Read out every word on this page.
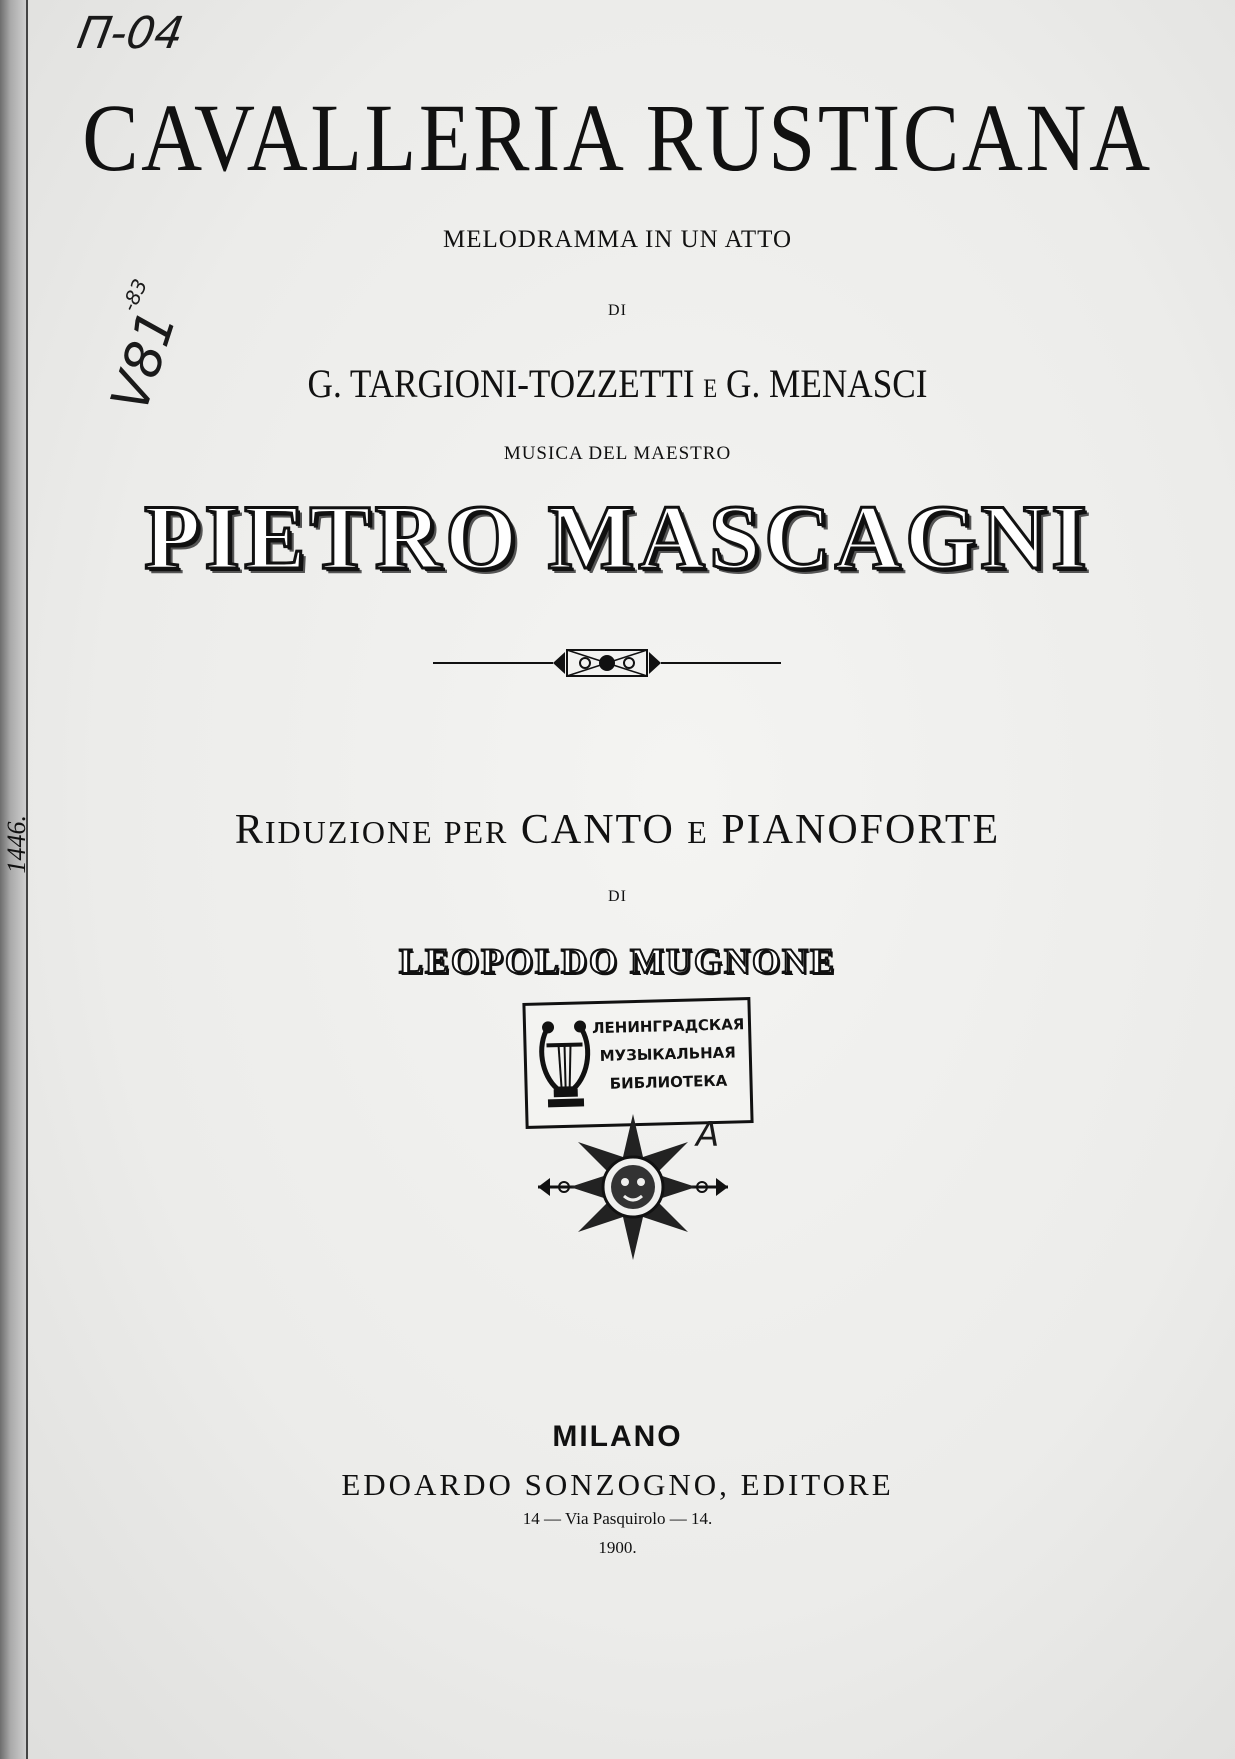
1446.
П-04
-83
V81
CAVALLERIA RUSTICANA
MELODRAMMA IN UN ATTO
DI
G. TARGIONI-TOZZETTI E G. MENASCI
MUSICA DEL MAESTRO
PIETRO MASCAGNI
RIDUZIONE PER CANTO E PIANOFORTE
DI
LEOPOLDO MUGNONE
ЛЕНИНГРАДСКАЯ
МУЗЫКАЛЬНАЯ
БИБЛИОТЕКА
A
MILANO
EDOARDO SONZOGNO, EDITORE
14 — Via Pasquirolo — 14.
1900.
